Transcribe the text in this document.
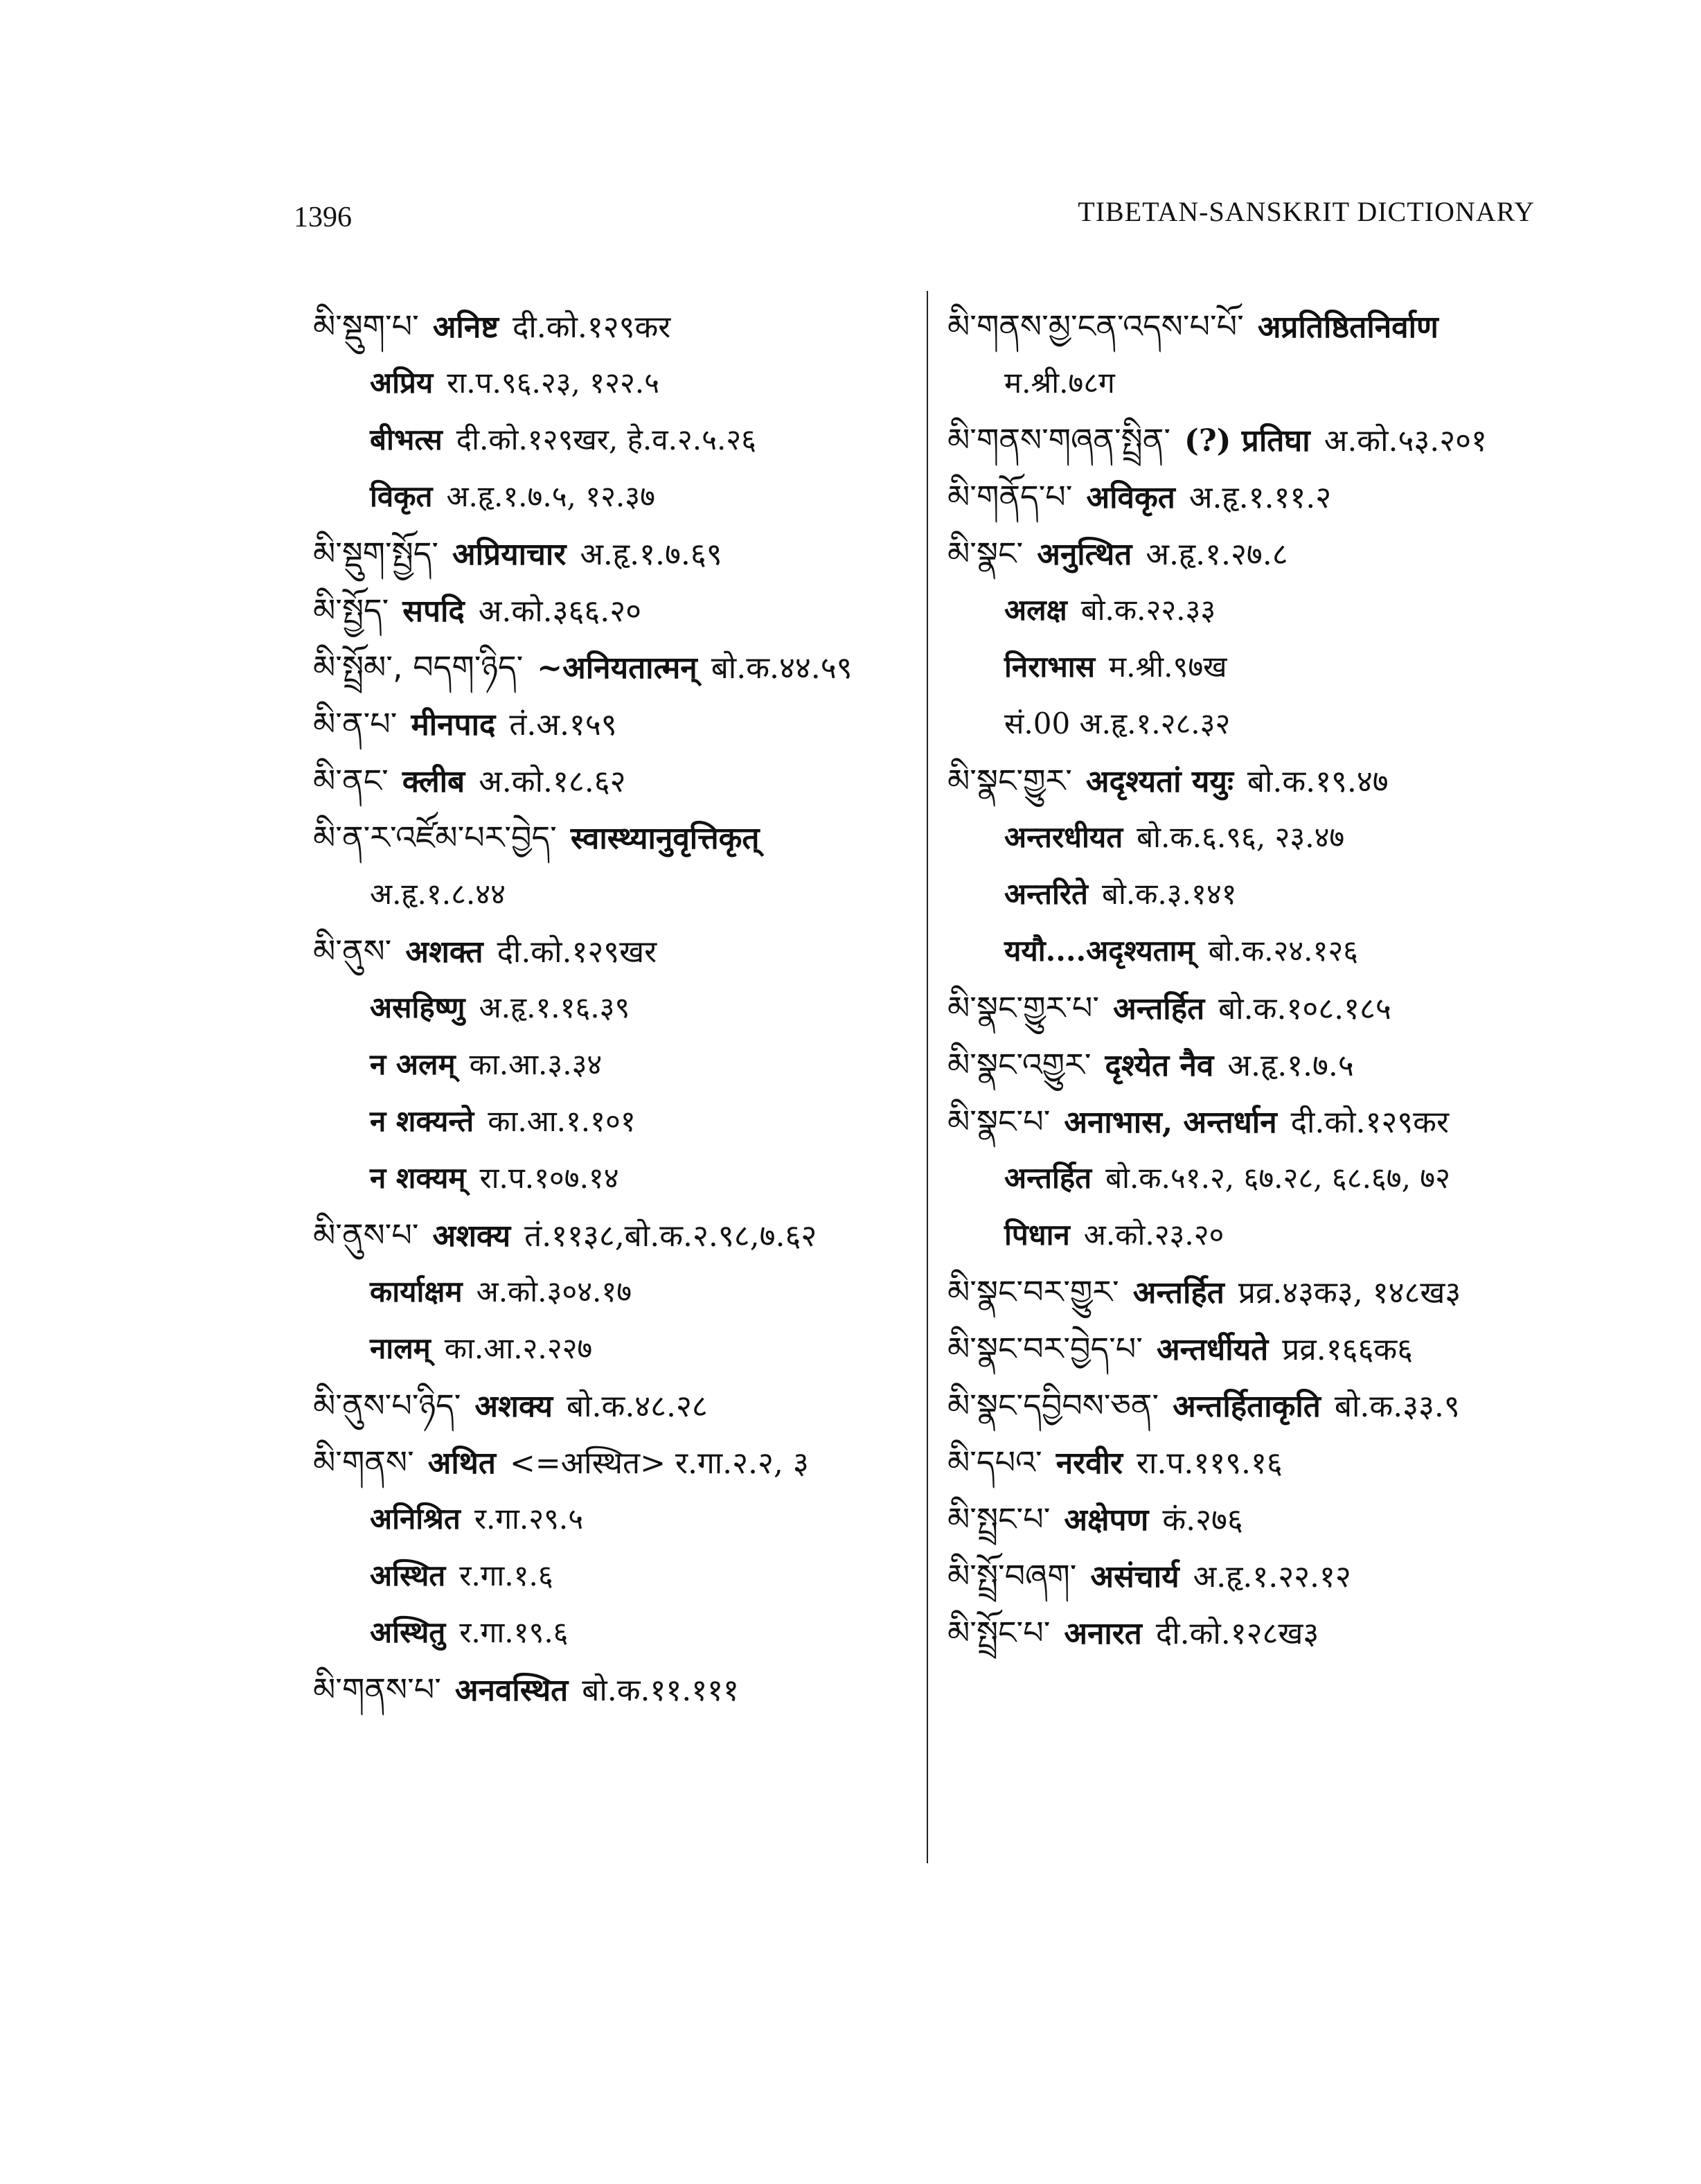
1396	TIBETAN-SANSKRIT DICTIONARY
མི་སྡུག་པ་ अनिष्ट दी.को.१२९कर
अप्रिय रा.प.९६.२३, १२२.५
बीभत्स दी.को.१२९खर, हे.व.२.५.२६
विकृत अ.हृ.१.७.५, १२.३७
མི་སྡུག་སྤྱོད་ अप्रियाचार अ.हृ.१.७.६९
མི་སྤྱོད་ सपदि अ.को.३६६.२०
མི་སྤྲོམ་, བདག་ཉིད་ ~अनियतात्मन् बो.क.४४.५९
མི་ན་པ་ मीनपाद तं.अ.१५९
མི་ནང་ क्लीब अ.को.१८.६२
མི་ན་ར་འཛོམ་པར་བྱེད་ स्वास्थ्यानुवृत्तिकृत्
अ.हृ.१.८.४४
མི་ནུས་ अशक्त दी.को.१२९खर
असहिष्णु अ.हृ.१.१६.३९
न अलम् का.आ.३.३४
न शक्यन्ते का.आ.१.१०१
न शक्यम् रा.प.१०७.१४
མི་ནུས་པ་ अशक्य तं.११३८,बो.क.२.९८,७.६२
कार्याक्षम अ.को.३०४.१७
नालम् का.आ.२.२२७
མི་ནུས་པ་ཉིད་ अशक्य बो.क.४८.२८
མི་གནས་ अथित <=अस्थित> र.गा.२.२, ३
अनिश्रित र.गा.२९.५
अस्थित र.गा.१.६
अस्थितु र.गा.१९.६
མི་གནས་པ་ अनवस्थित बो.क.११.१११
མི་གནས་མྱ་ངན་འདས་པ་པོ་ अप्रतिष्ठितनिर्वाण
म.श्री.७८ग
མི་གནས་གཞན་སྤྲིན་ (?) प्रतिघा अ.को.५३.२०१
མི་གནོད་པ་ अविकृत अ.हृ.१.११.२
མི་སྣང་ अनुत्थित अ.हृ.१.२७.८
अलक्ष बो.क.२२.३३
निराभास म.श्री.९७ख
सं.00 अ.हृ.१.२८.३२
མི་སྣང་གྱུར་ अदृश्यतां ययुः बो.क.१९.४७
अन्तरधीयत बो.क.६.९६, २३.४७
अन्तरिते बो.क.३.१४१
ययौ....अदृश्यताम् बो.क.२४.१२६
མི་སྣང་གྱུར་པ་ अन्तर्हित बो.क.१०८.१८५
མི་སྣང་འགྱུར་ दृश्येत नैव अ.हृ.१.७.५
མི་སྣང་པ་ अनाभास, अन्तर्धान दी.को.१२९कर
अन्तर्हित बो.क.५१.२, ६७.२८, ६८.६७, ७२
पिधान अ.को.२३.२०
མི་སྣང་བར་གྱུར་ अन्तर्हित प्रव्र.४३क३, १४८ख३
མི་སྣང་བར་བྱེད་པ་ अन्तर्धीयते प्रव्र.१६६क६
མི་སྣང་དབྱིབས་ཅན་ अन्तर्हिताकृति बो.क.३३.९
མི་དཔའ་ नरवीर रा.प.११९.१६
མི་སྤྲང་པ་ अक्षेपण कं.२७६
མི་སྤྲོ་བཞག་ असंचार्य अ.हृ.१.२२.१२
མི་སྤྲོང་པ་ अनारत दी.को.१२८ख३
